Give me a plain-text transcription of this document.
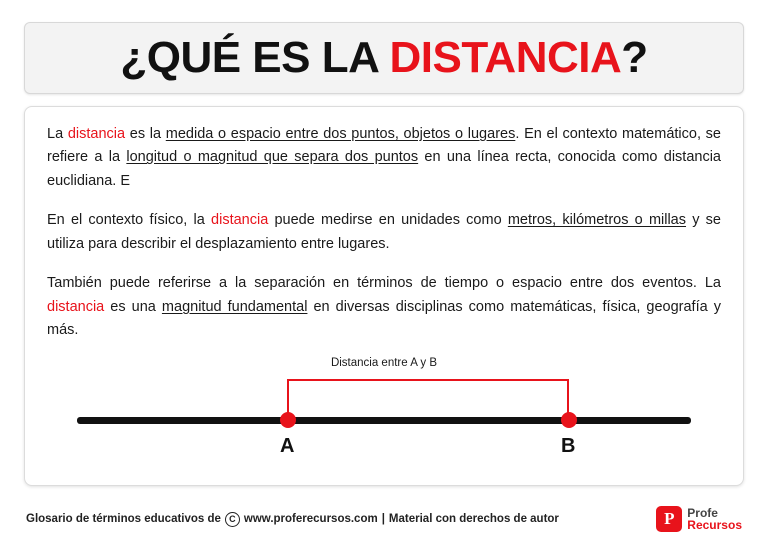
¿QUÉ ES LA DISTANCIA?

La distancia es la medida o espacio entre dos puntos, objetos o lugares. En el contexto matemático, se refiere a la longitud o magnitud que separa dos puntos en una línea recta, conocida como distancia euclidiana. E

En el contexto físico, la distancia puede medirse en unidades como metros, kilómetros o millas y se utiliza para describir el desplazamiento entre lugares.

También puede referirse a la separación en términos de tiempo o espacio entre dos eventos. La distancia es una magnitud fundamental en diversas disciplinas como matemáticas, física, geografía y más.

Distancia entre A y B
A	B
Glosario de términos educativos de C www.proferecursos.com | Material con derechos de autor	P	Profe
Recursos
